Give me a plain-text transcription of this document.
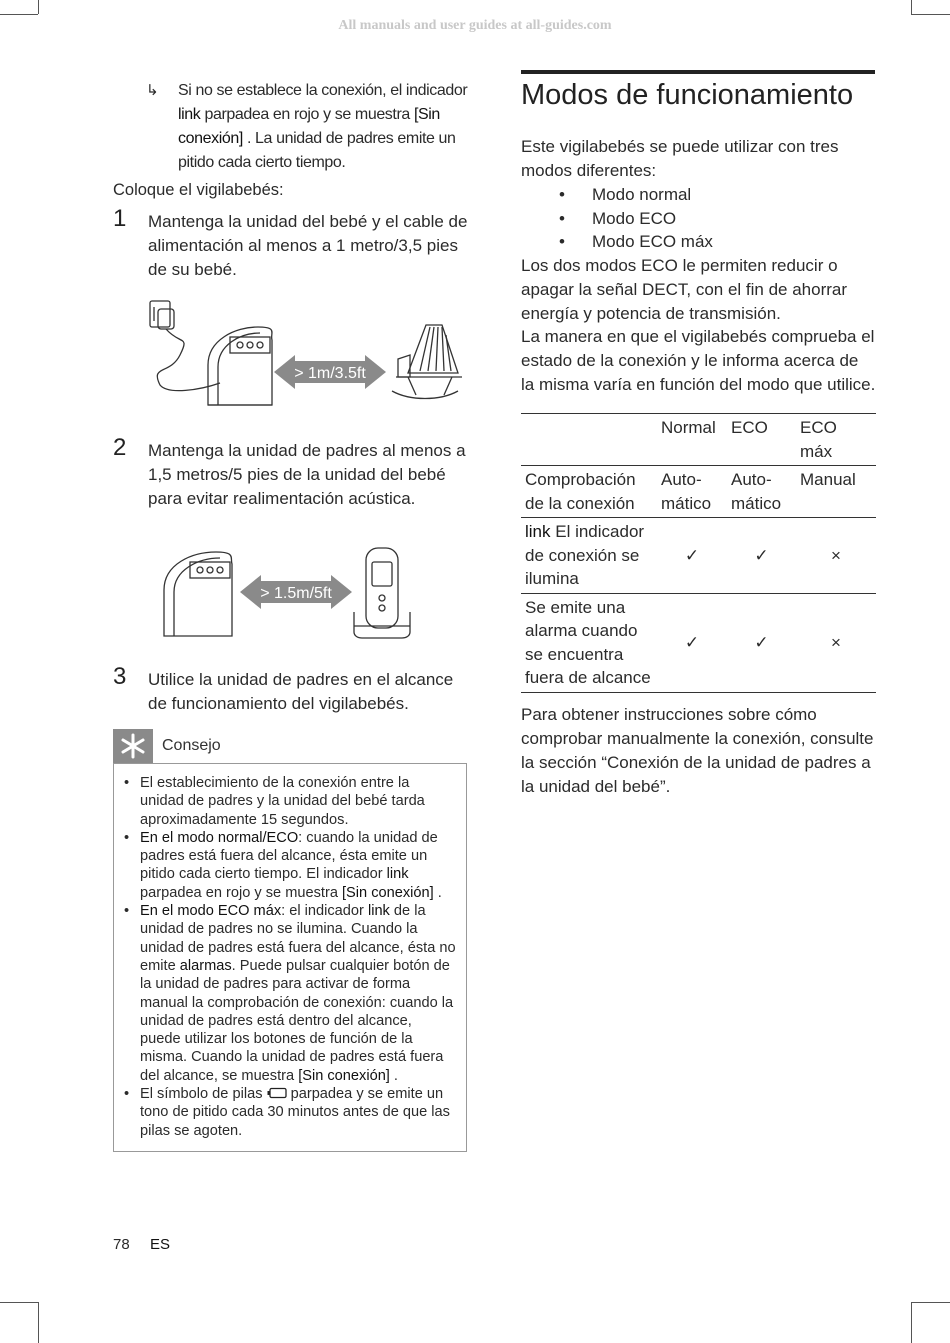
All manuals and user guides at all-guides.com
↳	Si no se establece la conexión, el indicador link parpadea en rojo y se muestra [Sin conexión] . La unidad de padres emite un pitido cada cierto tiempo.
Coloque el vigilabebés:
1 Mantenga la unidad del bebé y el cable de alimentación al menos a 1 metro/3,5 pies de su bebé.
> 1m/3.5ft
2 Mantenga la unidad de padres al menos a 1,5 metros/5 pies de la unidad del bebé para evitar realimentación acústica.
> 1.5m/5ft
3 Utilice la unidad de padres en el alcance de funcionamiento del vigilabebés.
Consejo
• El establecimiento de la conexión entre la unidad de padres y la unidad del bebé tarda aproximadamente 15 segundos.
• En el modo normal/ECO: cuando la unidad de padres está fuera del alcance, ésta emite un pitido cada cierto tiempo. El indicador link parpadea en rojo y se muestra [Sin conexión] .
• En el modo ECO máx: el indicador link de la unidad de padres no se ilumina. Cuando la unidad de padres está fuera del alcance, ésta no emite alarmas. Puede pulsar cualquier botón de la unidad de padres para activar de forma manual la comprobación de conexión: cuando la unidad de padres está dentro del alcance, puede utilizar los botones de función de la misma. Cuando la unidad de padres está fuera del alcance, se muestra [Sin conexión] .
• El símbolo de pilas  parpadea y se emite un tono de pitido cada 30 minutos antes de que las pilas se agoten.
Modos de funcionamiento
Este vigilabebés se puede utilizar con tres modos diferentes:
• Modo normal
• Modo ECO
• Modo ECO máx
Los dos modos ECO le permiten reducir o apagar la señal DECT, con el fin de ahorrar energía y potencia de transmisión.
La manera en que el vigilabebés comprueba el estado de la conexión y le informa acerca de la misma varía en función del modo que utilice.
	Normal	ECO	ECO máx
Comprobación de la conexión	Auto- mático	Auto- mático	Manual
link El indicador de conexión se ilumina	✓	✓	×
Se emite una alarma cuando se encuentra fuera de alcance	✓	✓	×
Para obtener instrucciones sobre cómo comprobar manualmente la conexión, consulte la sección “Conexión de la unidad de padres a la unidad del bebé”.
78 ES
